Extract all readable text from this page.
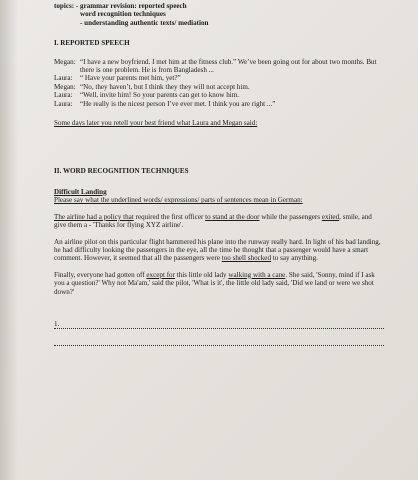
topics: - grammar revision: reported speech
word recognition techniques
- understanding authentic texts/ mediation
I. REPORTED SPEECH
Megan: “I have a new boyfriend. I met him at the fitness club.” We’ve been going out for about two months. But there is one problem. He is from Bangladesh ...
Laura:	“ Have your parents met him, yet?”
Megan: “No, they haven’t, but I think they they will not accept him.
Laura:	“Well, invite him! So your parents can get to know him.
Laura:	“He really is the nicest person I’ve ever met. I think you are right ...”
Some days later you retell your best friend what Laura and Megan said:
II. WORD RECOGNITION TECHNIQUES
Difficult Landing
Please say what the underlined words/ expressions/ parts of sentences mean in German:

The airline had a policy that required the first officer to stand at the door while the passengers exited, smile, and give them a - 'Thanks for flying XYZ airline'.

An airline pilot on this particular flight hammered his plane into the runway really hard. In light of his bad landing, he had difficulty looking the passengers in the eye, all the time he thought that a passenger would have a smart comment. However, it seemed that all the passengers were too shell shocked to say anything.

Finally, everyone had gotten off except for this little old lady walking with a cane. She said, 'Sonny, mind if I ask you a question?' Why not Ma'am,' said the pilot, 'What is it', the little old lady said, 'Did we land or were we shot down?'

1.
